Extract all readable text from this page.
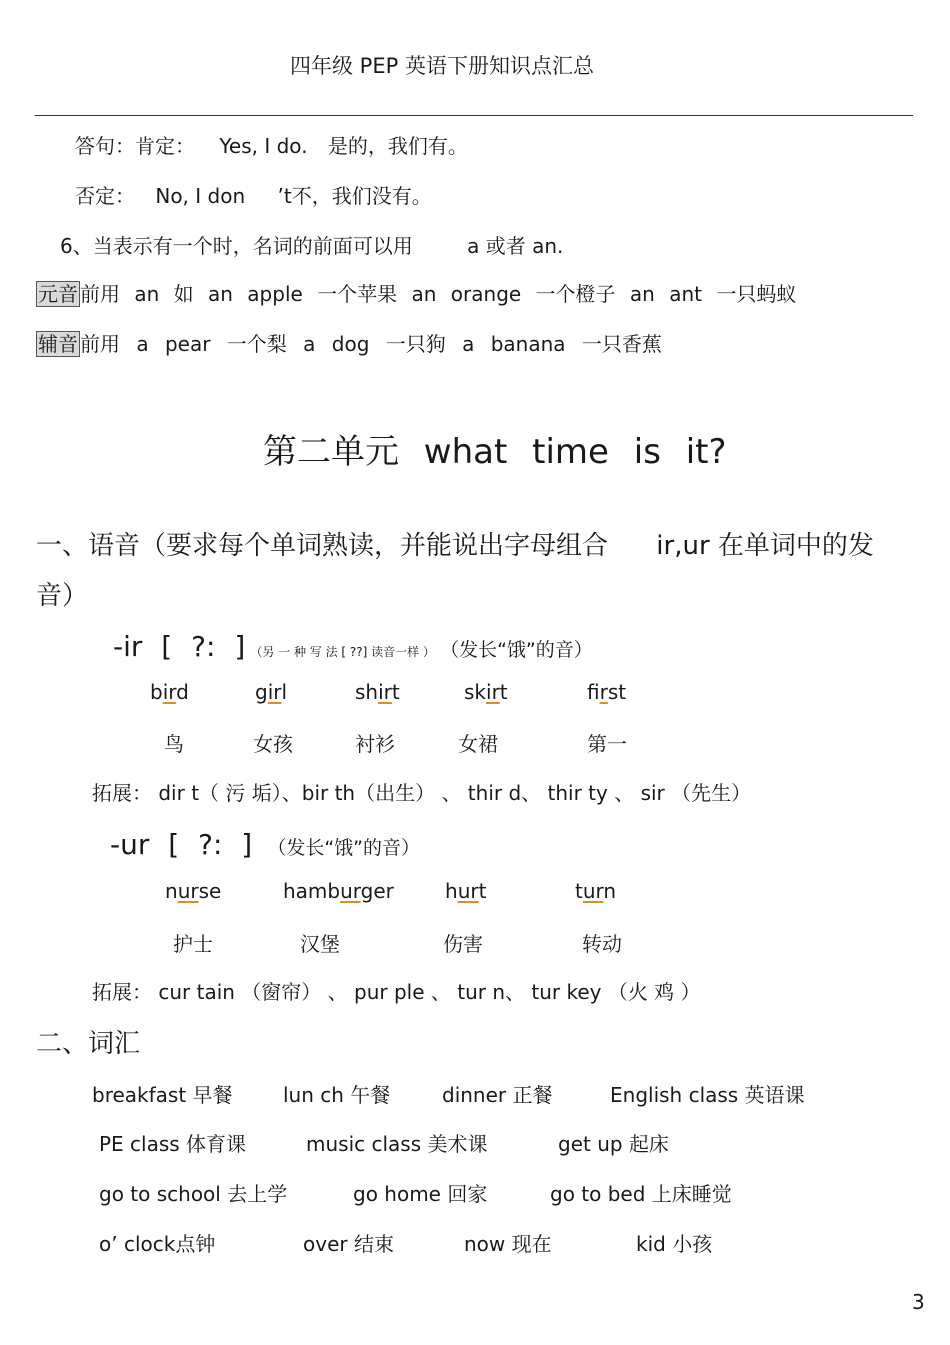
四年级 PEP 英语下册知识点汇总
答句：肯定： Yes, I do. 是的，我们有。
否定： No, I don ’t不，我们没有。
6、当表示有一个时，名词的前面可以用	a 或者 an.
元音 前用 an 如 an apple 一个苹果 an orange 一个橙子 an ant 一只蚂蚁
辅音 前用 a pear 一个梨 a dog 一只狗 a banana 一只香蕉
第二单元 what time is it?
一、语音（要求每个单词熟读，并能说出字母组合 ir,ur 在单词中的发
音）
-ir [ ?: ] （另 一 种 写 法 [ ??] 读音一样 ） （发长“饿”的音）
bird	girl	shirt	skirt	first
鸟	女孩	衬衫	女裙	第一
拓展： dir t（ 污 垢）、bir th（出生） 、 thir d、 thir ty 、 sir （先生）
-ur [ ?: ] （发长“饿”的音）
nurse	hamburger	hurt	turn
护士	汉堡	伤害	转动
拓展： cur tain （窗帘） 、 pur ple 、 tur n、 tur key （火 鸡 ）
二、词汇
breakfast 早餐	lun ch 午餐	dinner 正餐	English class 英语课
PE class 体育课	music class 美术课	get up 起床
go to school 去上学	go home 回家	go to bed 上床睡觉
o’ clock点钟	over 结束	now 现在	kid 小孩
3
